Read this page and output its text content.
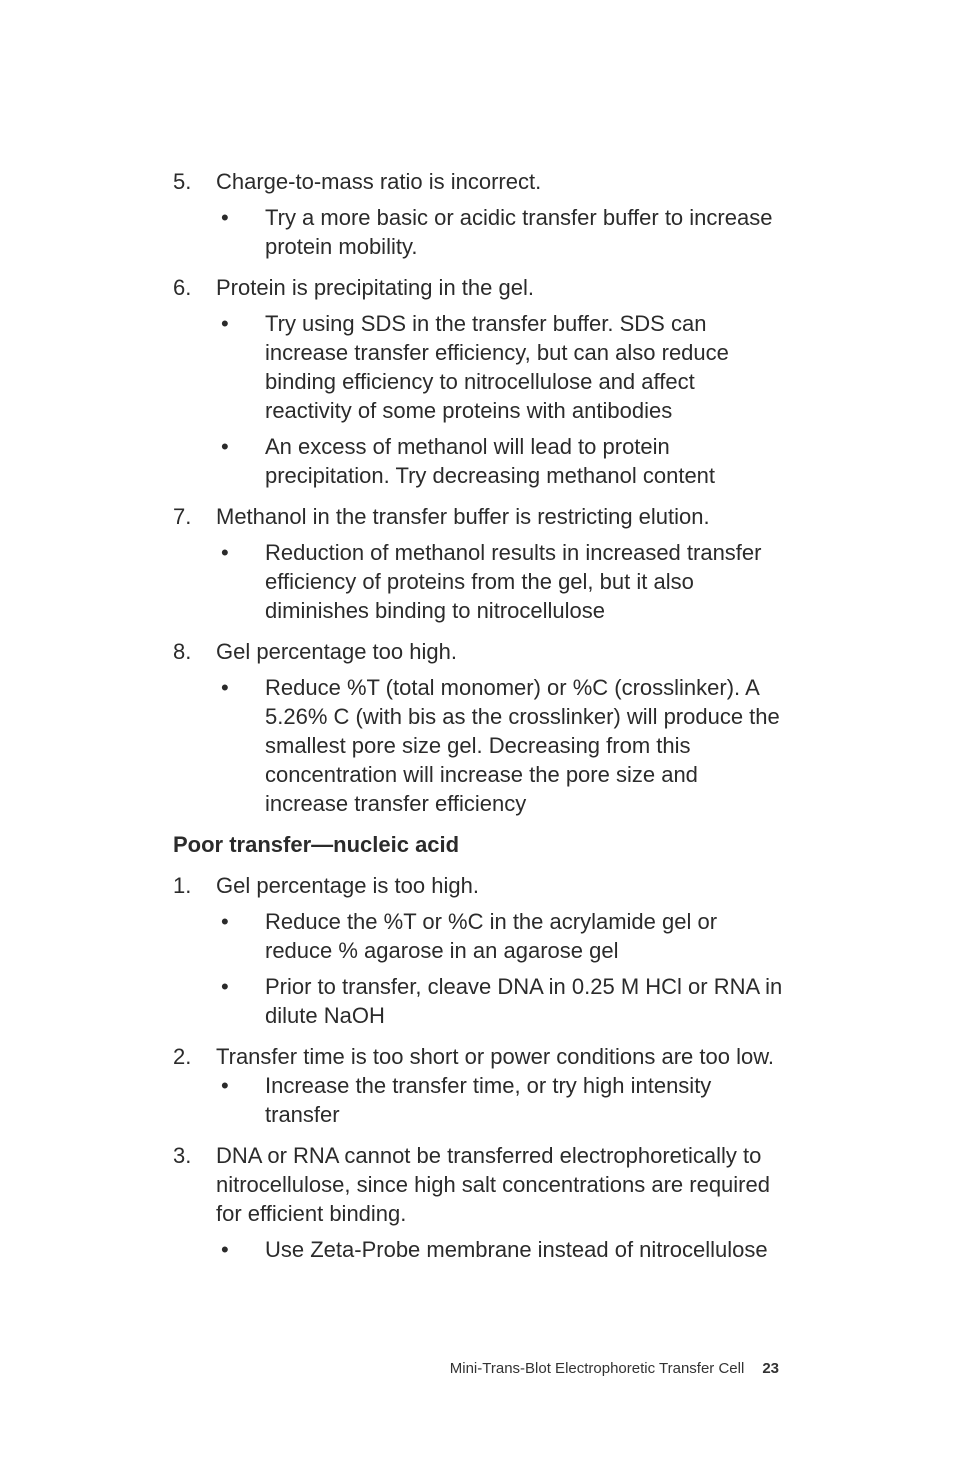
5.	Charge-to-mass ratio is incorrect.
•	Try a more basic or acidic transfer buffer to increase protein mobility.
6.	Protein is precipitating in the gel.
•	Try using SDS in the transfer buffer. SDS can increase transfer efficiency, but can also reduce binding efficiency to nitrocellulose and affect reactivity of some proteins with antibodies
•	An excess of methanol will lead to protein precipitation. Try decreasing methanol content
7.	Methanol in the transfer buffer is restricting elution.
•	Reduction of methanol results in increased transfer efficiency of proteins from the gel, but it also diminishes binding to nitrocellulose
8.	Gel percentage too high.
•	Reduce %T (total monomer) or %C (crosslinker). A 5.26% C (with bis as the crosslinker) will produce the smallest pore size gel. Decreasing from this concentration will increase the pore size and increase transfer efficiency
Poor transfer—nucleic acid
1.	Gel percentage is too high.
•	Reduce the %T or %C in the acrylamide gel or reduce % agarose in an agarose gel
•	Prior to transfer, cleave DNA in 0.25 M HCl or RNA in dilute NaOH
2.	Transfer time is too short or power conditions are too low.
•	Increase the transfer time, or try high intensity transfer
3.	DNA or RNA cannot be transferred electrophoretically to nitrocellulose, since high salt concentrations are required for efficient binding.
•	Use Zeta-Probe membrane instead of nitrocellulose
Mini-Trans-Blot Electrophoretic Transfer Cell 23
